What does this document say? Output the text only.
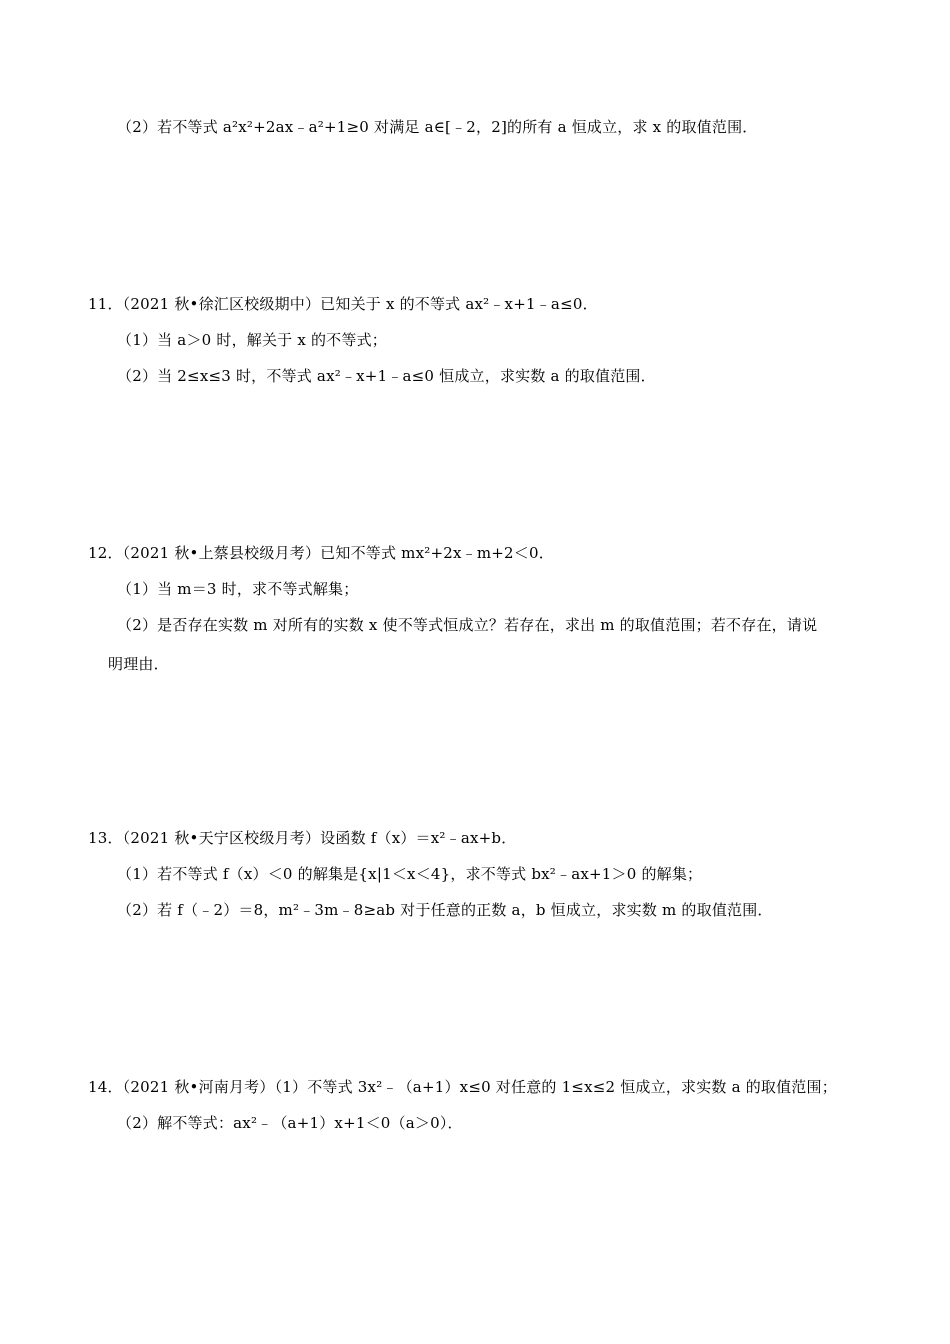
（2）若不等式 a²x²+2ax﹣a²+1≥0 对满足 a∈[﹣2，2]的所有 a 恒成立，求 x 的取值范围．
11．（2021 秋•徐汇区校级期中）已知关于 x 的不等式 ax²﹣x+1﹣a≤0．
（1）当 a＞0 时，解关于 x 的不等式；
（2）当 2≤x≤3 时，不等式 ax²﹣x+1﹣a≤0 恒成立，求实数 a 的取值范围．
12．（2021 秋•上蔡县校级月考）已知不等式 mx²+2x﹣m+2＜0．
（1）当 m＝3 时，求不等式解集；
（2）是否存在实数 m 对所有的实数 x 使不等式恒成立？若存在，求出 m 的取值范围；若不存在，请说
明理由．
13．（2021 秋•天宁区校级月考）设函数 f（x）＝x²﹣ax+b．
（1）若不等式 f（x）＜0 的解集是{x|1＜x＜4}，求不等式 bx²﹣ax+1＞0 的解集；
（2）若 f（﹣2）＝8，m²﹣3m﹣8≥ab 对于任意的正数 a，b 恒成立，求实数 m 的取值范围．
14．（2021 秋•河南月考）（1）不等式 3x²﹣（a+1）x≤0 对任意的 1≤x≤2 恒成立，求实数 a 的取值范围；
（2）解不等式：ax²﹣（a+1）x+1＜0（a＞0）．
